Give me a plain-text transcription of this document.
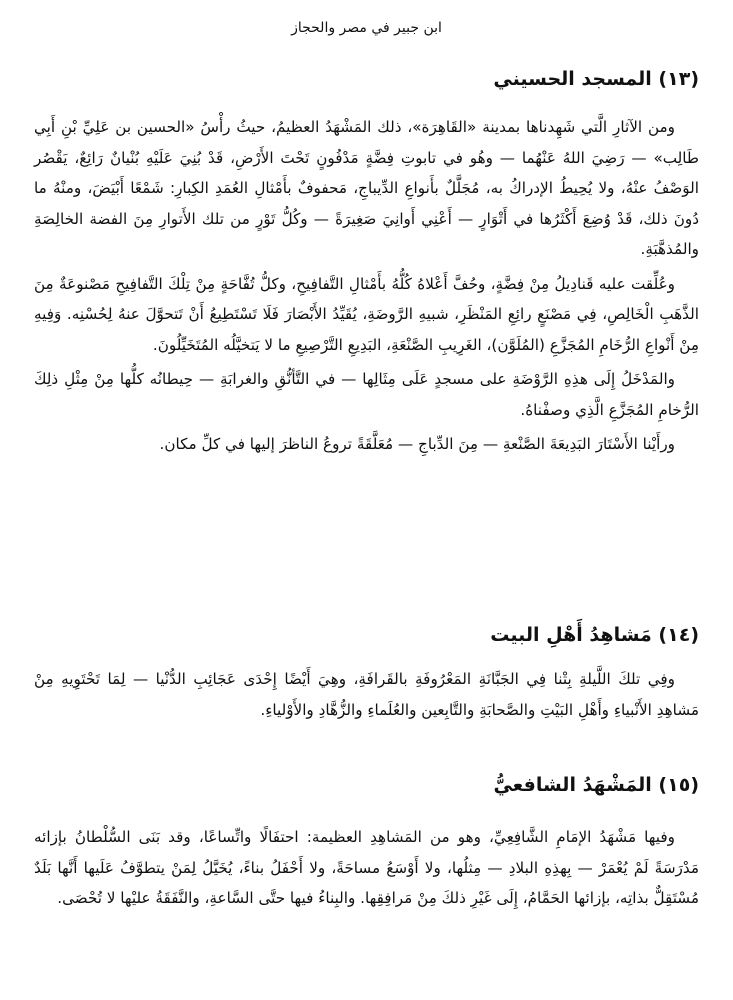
ابن جبير في مصر والحجاز
(١٣) المسجد الحسيني

ومن الآثارِ الَّتي شَهِدناها بمدينة «القَاهِرَة»، ذلك المَشْهَدُ العظيمُ، حيثُ رأْسُ «الحسين بن عَلِيِّ بْنِ أَبِي طَالِب» — رَضِيَ اللهُ عَنْهُما — وهُو في تابوتِ فِضَّةٍ مَدْفُونٍ تَحْتَ الأَرْضِ، قَدْ بُنِيَ عَلَيْهِ بُنْيانٌ رَائِعٌ، يَقْصُر الوَصْفُ عنْهُ، ولا يُحِيطُ الإدراكُ به، مُجَلَّلٌ بأَنواعِ الدِّيباجِ، مَحفوفٌ بأَمْثالِ العُمَدِ الكِبارِ: شَمْعًا أَبْيَضَ، ومنْهُ ما دُونَ ذلك، قَدْ وُضِعَ أَكْثَرُها في أَتْوَارٍ — أَعْنِي أَوانِيَ صَغِيرَةً — وكُلُّ تَوْرٍ من تلك الأَتوارِ مِنَ الفضة الخالِصَةِ والمُذهَّبَةِ.

وعُلِّقت عليه قَنادِيلُ مِنْ فِضَّةٍ، وحُفَّ أَعْلاهُ كُلُّهُ بأَمْثالِ التَّفافِيحِ، وكلُّ تُفَّاحَةٍ مِنْ تِلْكَ التَّفافِيحِ مَصْنوعَةٌ مِنَ الذَّهَبِ الْخَالِصِ، فِي مَصْنَعٍ رائِعِ المَنْظَرِ، شبيهِ الرَّوضَةِ، يُقَيِّدُ الأَبْصَارَ فَلَا تَسْتَطِيعُ أَنْ تَتحوَّلَ عنهُ لِحُسْنِه. وَفِيهِ مِنْ أَنْواعِ الرُّخَامِ المُجَزَّعِ (المُلَوَّن)، الغَرِيبِ الصَّنْعَةِ، البَدِيعِ التَّرْصِيعِ ما لا يَتخيَّلُه المُتَخَيِّلُونَ.

والمَدْخَلُ إِلَى هذِهِ الرَّوْضَةِ على مسجدٍ عَلَى مِثَالِها — في التَّأنُّقِ والغرابَةِ — حِيطانُه كلُّها مِنْ مِثْلِ ذلِكَ الرُّخامِ المُجَزَّعِ الَّذِي وصفْناهُ.

ورأَيْنا الأَسْتَارَ البَدِيعَةَ الصَّنْعةِ — مِنَ الدِّباجِ — مُعَلَّقَةً تروعُ الناظرَ إليها في كلِّ مكان.

(١٤) مَشاهِدُ أَهْلِ البيت

وفِي تلكَ اللَّيلةِ بِتْنا فِي الجَبَّانَةِ المَعْرُوفَةِ بالقَرافَةِ، وهِيَ أَيْضًا إِحْدَى عَجَائِبِ الدُّنْيا — لِمَا تَحْتَوِيهِ مِنْ مَشاهِدِ الأَنْبياءِ وأَهْلِ البَيْتِ والصَّحابَةِ والتَّابِعين والعُلَماءِ والزُّهَّادِ والأَوْلياءِ.

(١٥) المَشْهَدُ الشافعيُّ

وفيها مَشْهَدُ الإمَامِ الشَّافِعِيِّ، وهو من المَشاهِدِ العظيمة: احتفَالًا واتِّساعًا، وقد بَنَى السُّلْطانُ بإزائه مَدْرَسَةً لَمْ يُعْمَرْ — بِهذِهِ البلادِ — مِثلُها، ولا أَوْسَعُ مساحَةً، ولا أَحْفَلُ بناءً، يُخَيَّلُ لِمَنْ يتطوَّفُ عَلَيها أَنَّها بَلَدٌ مُسْتَقِلٌّ بذاتِه، بإزائها الحَمَّامُ، إِلَى غَيْرِ ذلكَ مِنْ مَرافِقِها. والبِناءُ فيها حتَّى السَّاعةِ، والنَّفَقَةُ عليْها لا تُحْصَى.
